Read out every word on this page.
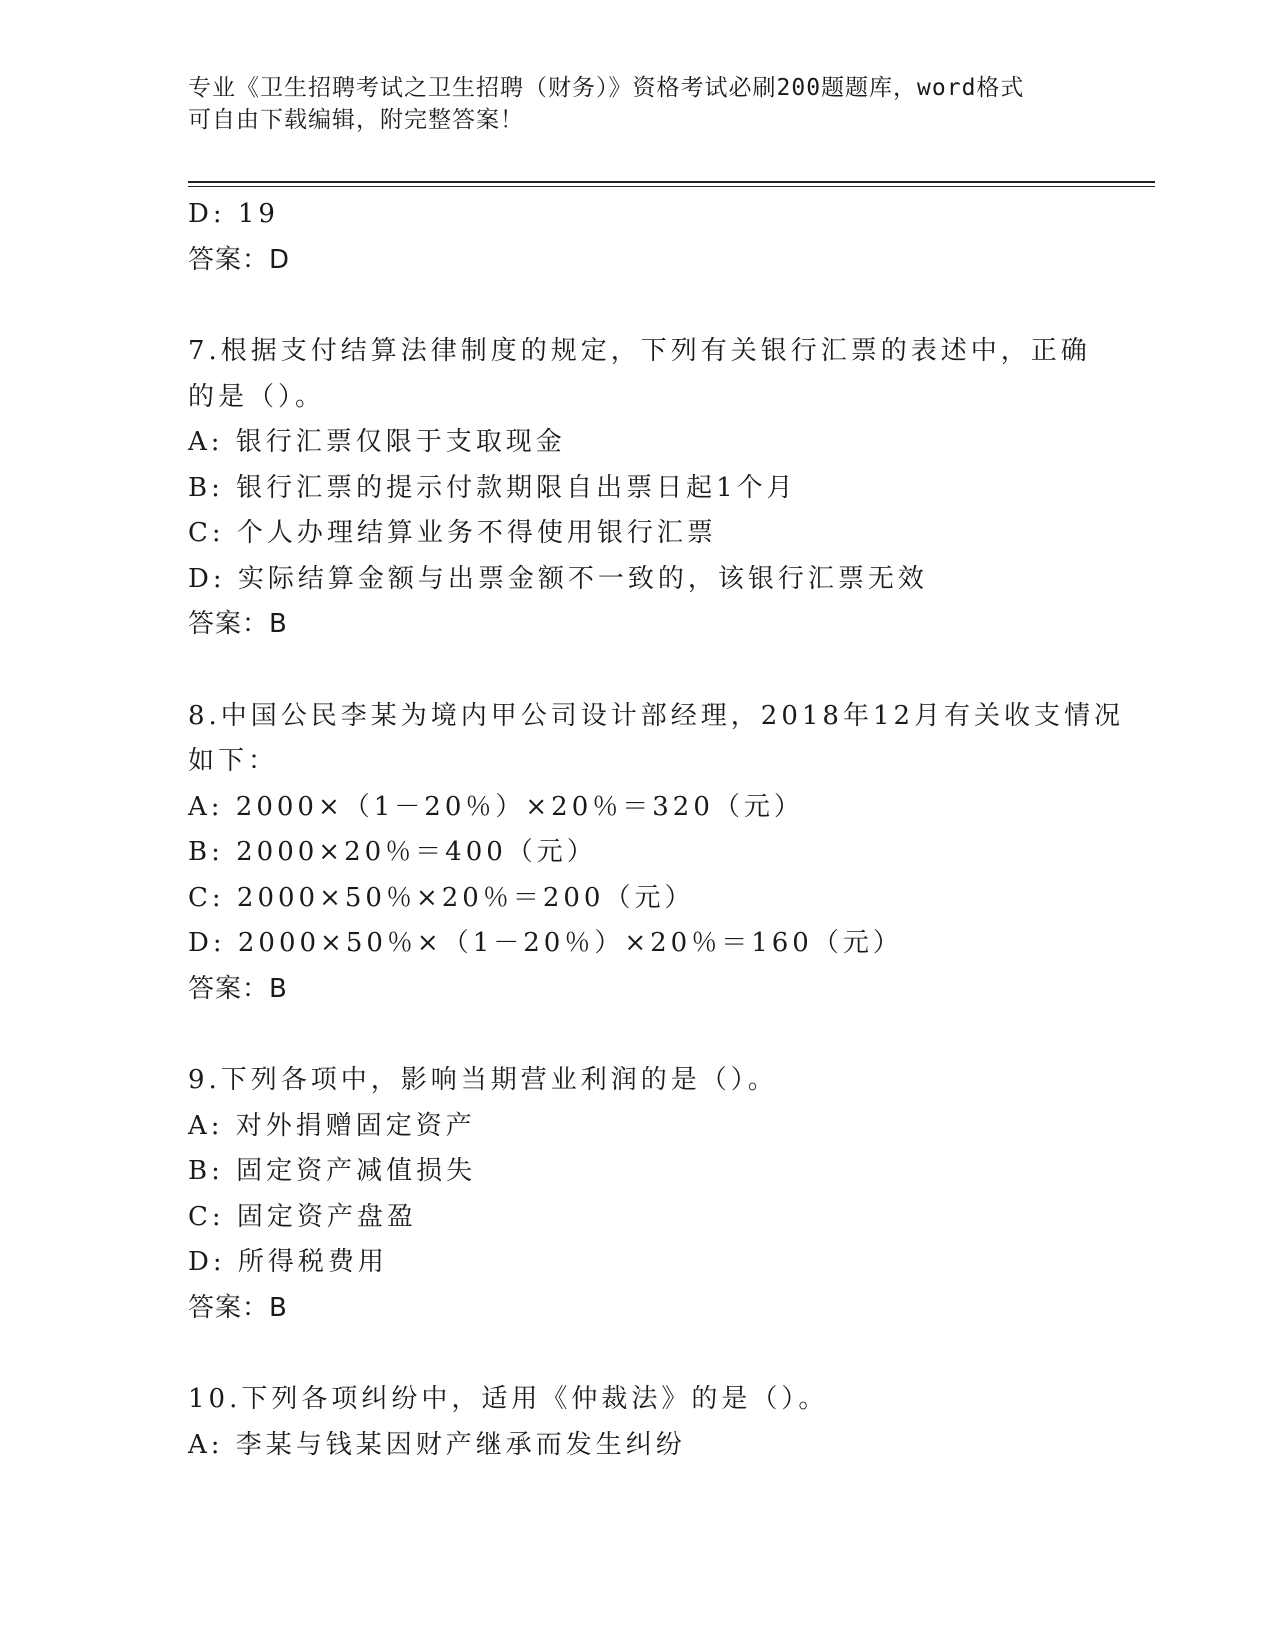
专业《卫生招聘考试之卫生招聘（财务）》资格考试必刷200题题库，word格式
可自由下载编辑，附完整答案！
D: 19
答案：D
7.根据支付结算法律制度的规定，下列有关银行汇票的表述中，正确
的是（）。
A: 银行汇票仅限于支取现金
B: 银行汇票的提示付款期限自出票日起1个月
C: 个人办理结算业务不得使用银行汇票
D: 实际结算金额与出票金额不一致的，该银行汇票无效
答案：B
8.中国公民李某为境内甲公司设计部经理，2018年12月有关收支情况
如下：
A: 2000×（1－20％）×20％＝320（元）
B: 2000×20％＝400（元）
C: 2000×50％×20％＝200（元）
D: 2000×50％×（1－20％）×20％＝160（元）
答案：B
9.下列各项中，影响当期营业利润的是（）。
A: 对外捐赠固定资产
B: 固定资产减值损失
C: 固定资产盘盈
D: 所得税费用
答案：B
10.下列各项纠纷中，适用《仲裁法》的是（）。
A: 李某与钱某因财产继承而发生纠纷
